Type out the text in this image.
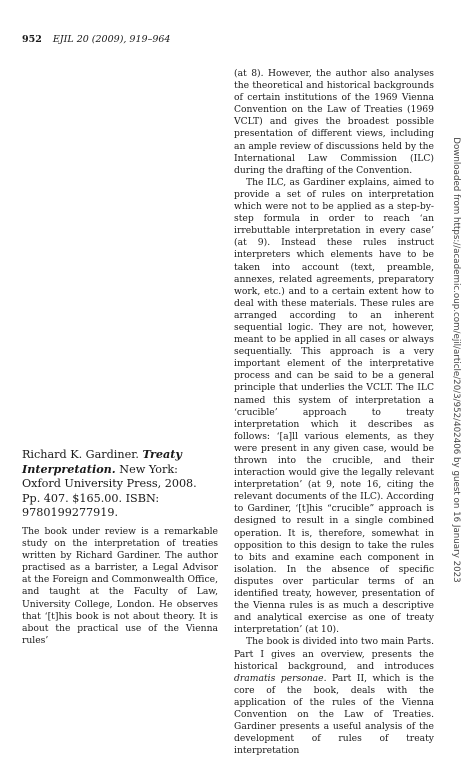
952 EJIL 20 (2009), 919–964

Richard K. Gardiner. Treaty Interpretation. New York: Oxford University Press, 2008. Pp. 407. $165.00. ISBN: 9780199277919.

The book under review is a remarkable study on the interpretation of treaties written by Richard Gardiner. The author practised as a barrister, a Legal Advisor at the Foreign and Commonwealth Office, and taught at the Faculty of Law, University College, London. He observes that ‘[t]his book is not about theory. It is about the practical use of the Vienna rules’

(at 8). However, the author also analyses the theoretical and historical backgrounds of certain institutions of the 1969 Vienna Convention on the Law of Treaties (1969 VCLT) and gives the broadest possible presentation of different views, including an ample review of discussions held by the International Law Commission (ILC) during the drafting of the Convention.

The ILC, as Gardiner explains, aimed to provide a set of rules on interpretation which were not to be applied as a step-by-step formula in order to reach ‘an irrebuttable interpretation in every case’ (at 9). Instead these rules instruct interpreters which elements have to be taken into account (text, preamble, annexes, related agreements, preparatory work, etc.) and to a certain extent how to deal with these materials. These rules are arranged according to an inherent sequential logic. They are not, however, meant to be applied in all cases or always sequentially. This approach is a very important element of the interpretative process and can be said to be a general principle that underlies the VCLT. The ILC named this system of interpretation a ‘crucible’ approach to treaty interpretation which it describes as follows: ‘[a]ll various elements, as they were present in any given case, would be thrown into the crucible, and their interaction would give the legally relevant interpretation’ (at 9, note 16, citing the relevant documents of the ILC). According to Gardiner, ‘[t]his “crucible” approach is designed to result in a single combined operation. It is, therefore, somewhat in opposition to this design to take the rules to bits and examine each component in isolation. In the absence of specific disputes over particular terms of an identified treaty, however, presentation of the Vienna rules is as much a descriptive and analytical exercise as one of treaty interpretation’ (at 10).

The book is divided into two main Parts. Part I gives an overview, presents the historical background, and introduces dramatis personae. Part II, which is the core of the book, deals with the application of the rules of the Vienna Convention on the Law of Treaties. Gardiner presents a useful analysis of the development of rules of treaty interpretation

Downloaded from https://academic.oup.com/ejil/article/20/3/952/402406 by guest on 16 January 2023
